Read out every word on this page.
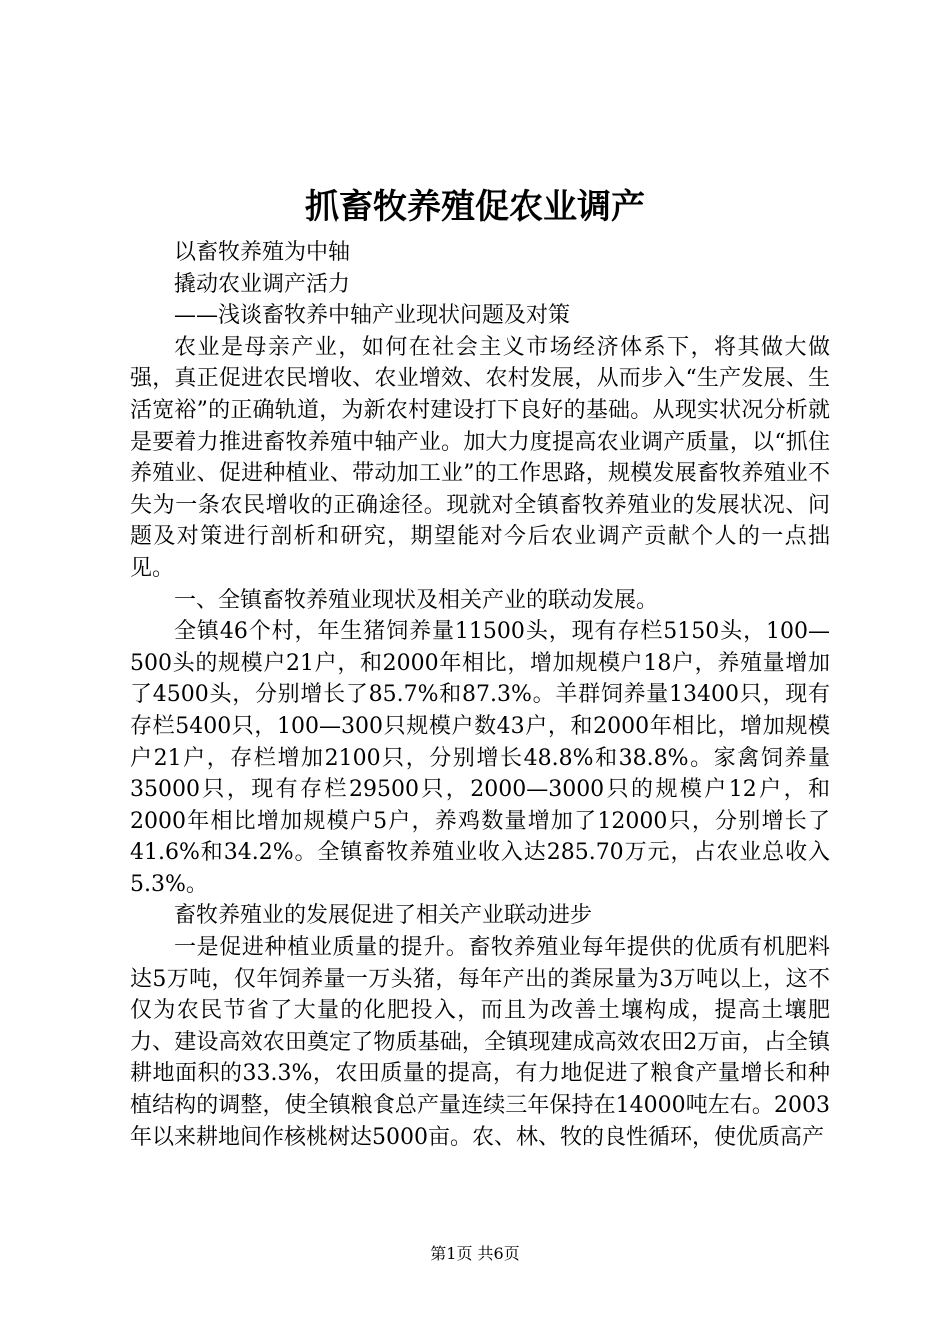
抓畜牧养殖促农业调产

以畜牧养殖为中轴

撬动农业调产活力

——浅谈畜牧养中轴产业现状问题及对策

农业是母亲产业，如何在社会主义市场经济体系下，将其做大做强，真正促进农民增收、农业增效、农村发展，从而步入“生产发展、生活宽裕”的正确轨道，为新农村建设打下良好的基础。从现实状况分析就是要着力推进畜牧养殖中轴产业。加大力度提高农业调产质量，以“抓住养殖业、促进种植业、带动加工业”的工作思路，规模发展畜牧养殖业不失为一条农民增收的正确途径。现就对全镇畜牧养殖业的发展状况、问题及对策进行剖析和研究，期望能对今后农业调产贡献个人的一点拙见。

一、全镇畜牧养殖业现状及相关产业的联动发展。

全镇46个村，年生猪饲养量11500头，现有存栏5150头，100—500头的规模户21户，和2000年相比，增加规模户18户，养殖量增加了4500头，分别增长了85.7%和87.3%。羊群饲养量13400只，现有存栏5400只，100—300只规模户数43户，和2000年相比，增加规模户21户，存栏增加2100只，分别增长48.8%和38.8%。家禽饲养量35000只，现有存栏29500只，2000—3000只的规模户12户，和2000年相比增加规模户5户，养鸡数量增加了12000只，分别增长了41.6%和34.2%。全镇畜牧养殖业收入达285.70万元，占农业总收入5.3%。

畜牧养殖业的发展促进了相关产业联动进步

一是促进种植业质量的提升。畜牧养殖业每年提供的优质有机肥料达5万吨，仅年饲养量一万头猪，每年产出的粪尿量为3万吨以上，这不仅为农民节省了大量的化肥投入，而且为改善土壤构成，提高土壤肥力、建设高效农田奠定了物质基础，全镇现建成高效农田2万亩，占全镇耕地面积的33.3%，农田质量的提高，有力地促进了粮食产量增长和种植结构的调整，使全镇粮食总产量连续三年保持在14000吨左右。2003年以来耕地间作核桃树达5000亩。农、林、牧的良性循环，使优质高产

第1页 共6页
